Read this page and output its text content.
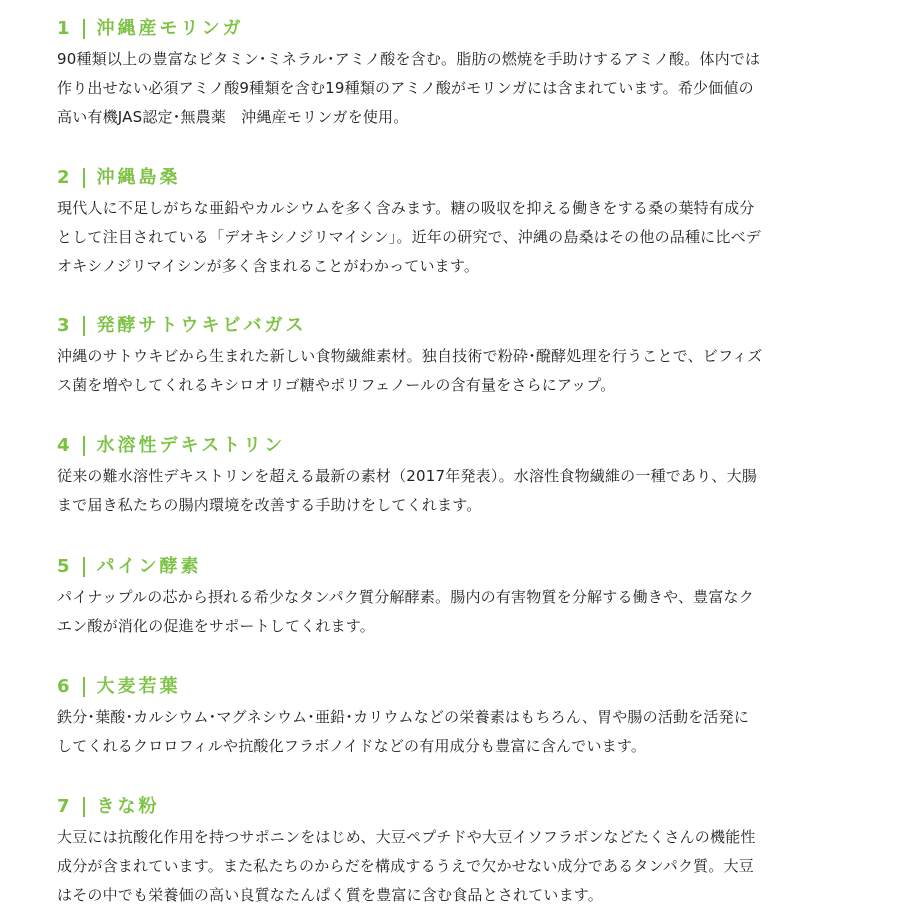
1 沖縄産モリンガ
90種類以上の豊富なビタミン･ミネラル･アミノ酸を含む。脂肪の燃焼を手助けするアミノ酸。体内では
作り出せない必須アミノ酸9種類を含む19種類のアミノ酸がモリンガには含まれています。希少価値の
高い有機JAS認定･無農薬　沖縄産モリンガを使用。
2 沖縄島桑
現代人に不足しがちな亜鉛やカルシウムを多く含みます。糖の吸収を抑える働きをする桑の葉特有成分
として注目されている「デオキシノジリマイシン」。近年の研究で、沖縄の島桑はその他の品種に比べデ
オキシノジリマイシンが多く含まれることがわかっています。
3 発酵サトウキビバガス
沖縄のサトウキビから生まれた新しい食物繊維素材。独自技術で粉砕･醗酵処理を行うことで、ビフィズ
ス菌を増やしてくれるキシロオリゴ糖やポリフェノールの含有量をさらにアップ。
4 水溶性デキストリン
従来の難水溶性デキストリンを超える最新の素材（2017年発表）。水溶性食物繊維の一種であり、大腸
まで届き私たちの腸内環境を改善する手助けをしてくれます。
5 パイン酵素
パイナップルの芯から摂れる希少なタンパク質分解酵素。腸内の有害物質を分解する働きや、豊富なク
エン酸が消化の促進をサポートしてくれます。
6 大麦若葉
鉄分･葉酸･カルシウム･マグネシウム･亜鉛･カリウムなどの栄養素はもちろん、胃や腸の活動を活発に
してくれるクロロフィルや抗酸化フラボノイドなどの有用成分も豊富に含んでいます。
7 きな粉
大豆には抗酸化作用を持つサポニンをはじめ、大豆ペプチドや大豆イソフラボンなどたくさんの機能性
成分が含まれています。また私たちのからだを構成するうえで欠かせない成分であるタンパク質。大豆
はその中でも栄養価の高い良質なたんぱく質を豊富に含む食品とされています。
